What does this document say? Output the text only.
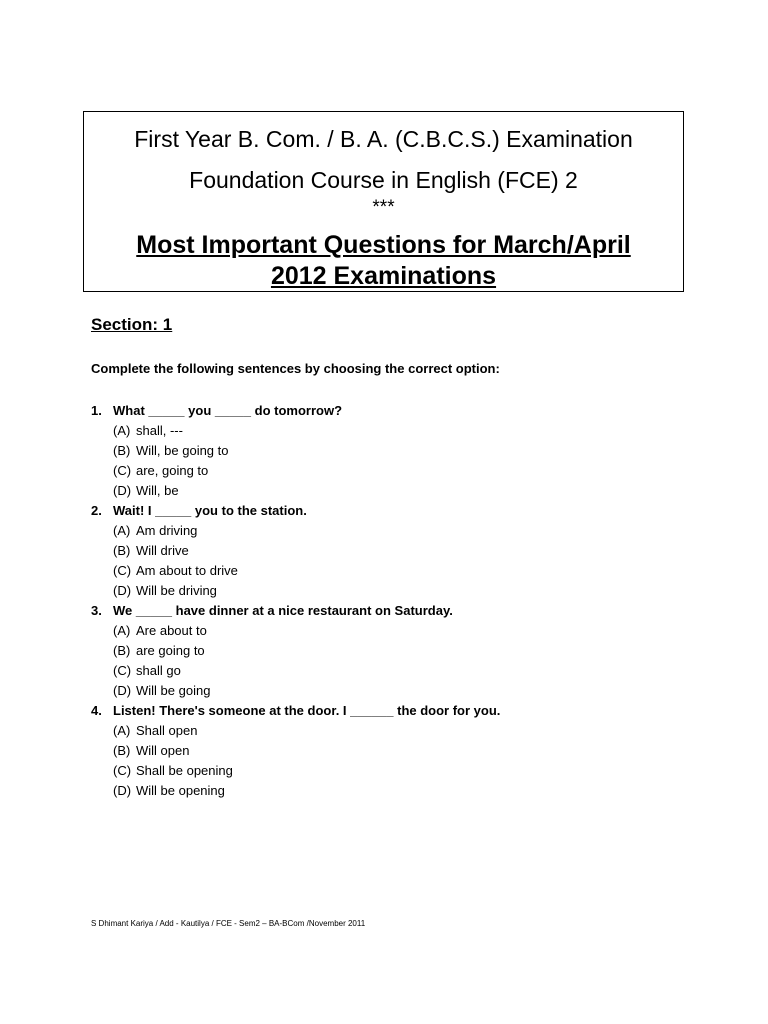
First Year B. Com. / B. A. (C.B.C.S.) Examination
Foundation Course in English (FCE) 2
***
Most Important Questions for March/April
2012 Examinations
Section: 1
Complete the following sentences by choosing the correct option:
1. What _____ you _____ do tomorrow?
(A) shall, ---
(B) Will, be going to
(C) are, going to
(D) Will, be
2. Wait! I _____ you to the station.
(A) Am driving
(B) Will drive
(C) Am about to drive
(D) Will be driving
3. We _____ have dinner at a nice restaurant on Saturday.
(A) Are about to
(B) are going to
(C) shall go
(D) Will be going
4. Listen! There's someone at the door. I ______ the door for you.
(A) Shall open
(B) Will open
(C) Shall be opening
(D) Will be opening
S Dhimant Kariya / Add - Kautilya / FCE - Sem2 – BA-BCom /November 2011
